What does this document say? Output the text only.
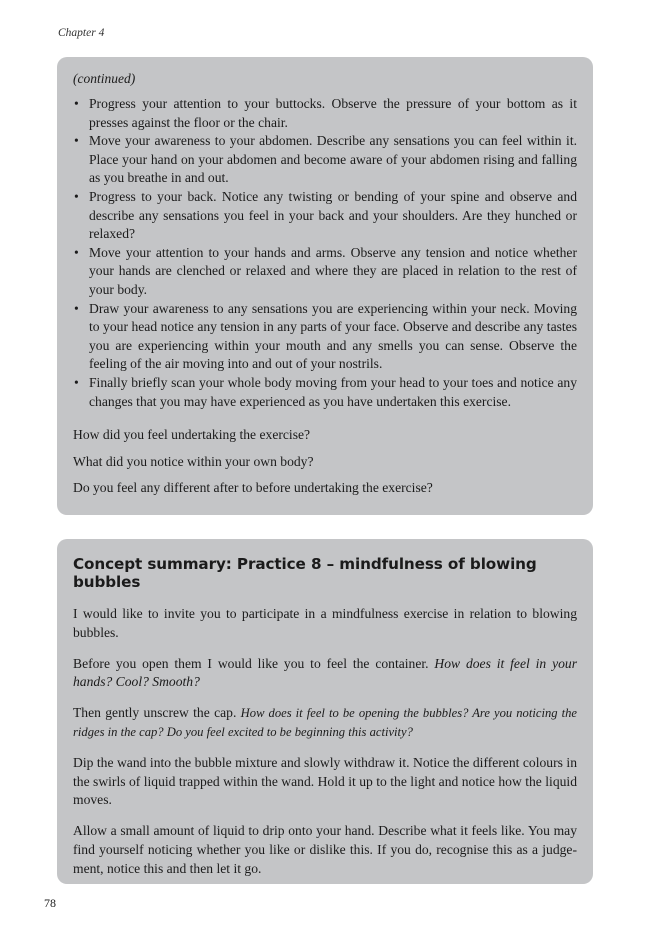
Chapter 4

(continued)

• Progress your attention to your buttocks. Observe the pressure of your bottom as it presses against the floor or the chair.
• Move your awareness to your abdomen. Describe any sensations you can feel within it. Place your hand on your abdomen and become aware of your abdomen rising and falling as you breathe in and out.
• Progress to your back. Notice any twisting or bending of your spine and observe and describe any sensations you feel in your back and your shoulders. Are they hunched or relaxed?
• Move your attention to your hands and arms. Observe any tension and notice whether your hands are clenched or relaxed and where they are placed in relation to the rest of your body.
• Draw your awareness to any sensations you are experiencing within your neck. Moving to your head notice any tension in any parts of your face. Observe and describe any tastes you are experiencing within your mouth and any smells you can sense. Observe the feeling of the air moving into and out of your nostrils.
• Finally briefly scan your whole body moving from your head to your toes and notice any changes that you may have experienced as you have undertaken this exercise.

How did you feel undertaking the exercise?

What did you notice within your own body?

Do you feel any different after to before undertaking the exercise?

Concept summary: Practice 8 – mindfulness of blowing bubbles

I would like to invite you to participate in a mindfulness exercise in relation to blowing bubbles.

Before you open them I would like you to feel the container. How does it feel in your hands? Cool? Smooth?

Then gently unscrew the cap. How does it feel to be opening the bubbles? Are you noticing the ridges in the cap? Do you feel excited to be beginning this activity?

Dip the wand into the bubble mixture and slowly withdraw it. Notice the different colours in the swirls of liquid trapped within the wand. Hold it up to the light and notice how the liquid moves.

Allow a small amount of liquid to drip onto your hand. Describe what it feels like. You may find yourself noticing whether you like or dislike this. If you do, recognise this as a judgement, notice this and then let it go.

78
